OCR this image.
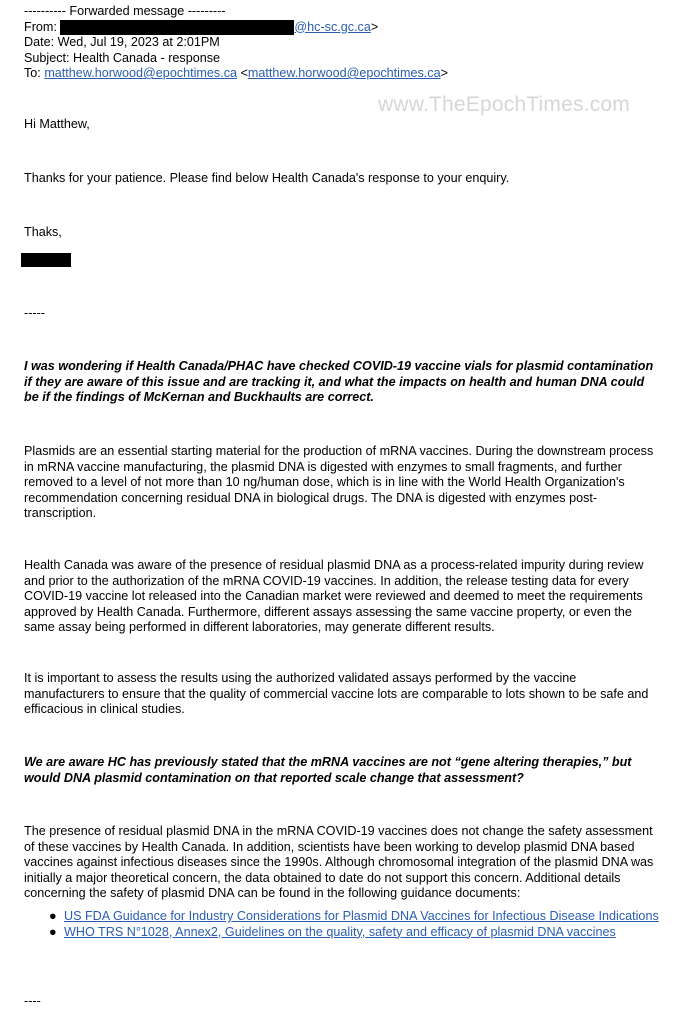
---------- Forwarded message ---------
From:	@hc-sc.gc.ca>
Date: Wed, Jul 19, 2023 at 2:01PM
Subject: Health Canada - response
To: matthew.horwood@epochtimes.ca <matthew.horwood@epochtimes.ca>
www.TheEpochTimes.com
Hi Matthew,
Thanks for your patience. Please find below Health Canada's response to your enquiry.
Thaks,
-----
I was wondering if Health Canada/PHAC have checked COVID-19 vaccine vials for plasmid contamination if they are aware of this issue and are tracking it, and what the impacts on health and human DNA could be if the findings of McKernan and Buckhaults are correct.
Plasmids are an essential starting material for the production of mRNA vaccines. During the downstream process in mRNA vaccine manufacturing, the plasmid DNA is digested with enzymes to small fragments, and further removed to a level of not more than 10 ng/human dose, which is in line with the World Health Organization's recommendation concerning residual DNA in biological drugs. The DNA is digested with enzymes post-transcription.
Health Canada was aware of the presence of residual plasmid DNA as a process-related impurity during review and prior to the authorization of the mRNA COVID-19 vaccines. In addition, the release testing data for every COVID-19 vaccine lot released into the Canadian market were reviewed and deemed to meet the requirements approved by Health Canada. Furthermore, different assays assessing the same vaccine property, or even the same assay being performed in different laboratories, may generate different results.
It is important to assess the results using the authorized validated assays performed by the vaccine manufacturers to ensure that the quality of commercial vaccine lots are comparable to lots shown to be safe and efficacious in clinical studies.
We are aware HC has previously stated that the mRNA vaccines are not “gene altering therapies,” but would DNA plasmid contamination on that reported scale change that assessment?
The presence of residual plasmid DNA in the mRNA COVID-19 vaccines does not change the safety assessment of these vaccines by Health Canada. In addition, scientists have been working to develop plasmid DNA based vaccines against infectious diseases since the 1990s. Although chromosomal integration of the plasmid DNA was initially a major theoretical concern, the data obtained to date do not support this concern. Additional details concerning the safety of plasmid DNA can be found in the following guidance documents:
● US FDA Guidance for Industry Considerations for Plasmid DNA Vaccines for Infectious Disease Indications
● WHO TRS N°1028, Annex2, Guidelines on the quality, safety and efficacy of plasmid DNA vaccines
----
